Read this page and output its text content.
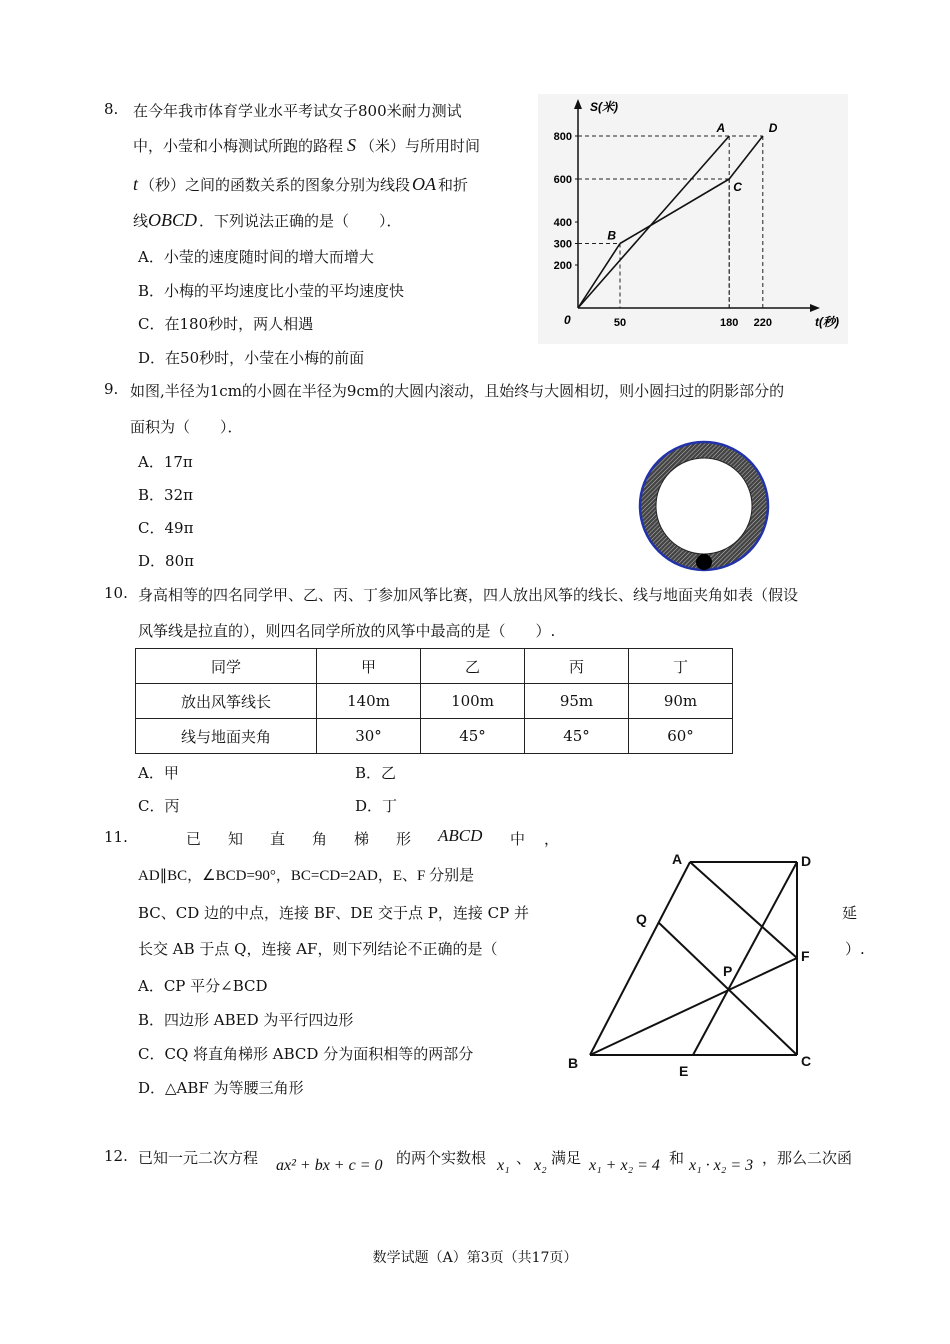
8. 在今年我市体育学业水平考试女子800米耐力测试
中，小莹和小梅测试所跑的路程 S （米）与所用时间
t （秒）之间的函数关系的图象分别为线段 OA 和折
线OBCD ．下列说法正确的是（　　）．
A．小莹的速度随时间的增大而增大
B．小梅的平均速度比小莹的平均速度快
C．在180秒时，两人相遇
D．在50秒时，小莹在小梅的前面
S(米)
t(秒)
0
200
300
400
600
800
50	180 220
A
B
C
D
9. 如图,半径为1cm的小圆在半径为9cm的大圆内滚动，且始终与大圆相切，则小圆扫过的阴影部分的
面积为（　　）．
A．17π
B．32π
C．49π
D．80π
10. 身高相等的四名同学甲、乙、丙、丁参加风筝比赛，四人放出风筝的线长、线与地面夹角如表（假设
风筝线是拉直的），则四名同学所放的风筝中最高的是（　　）.
同学	甲	乙	丙	丁
放出风筝线长	140m	100m	95m	90m
线与地面夹角	30°	45°	45°	60°
A．甲	B．乙
C．丙	D．丁
11.	已 知 直 角 梯 形 ABCD 中 ，
AD∥BC，∠BCD=90°，BC=CD=2AD，E、F 分别是
BC、CD 边的中点，连接 BF、DE 交于点 P，连接 CP 并	延
长交 AB 于点 Q，连接 AF，则下列结论不正确的是（	）.
A．CP 平分∠BCD
B．四边形 ABED 为平行四边形
C．CQ 将直角梯形 ABCD 分为面积相等的两部分
D．△ABF 为等腰三角形
A	D
Q
F
P
B	E
C
12. 已知一元二次方程 ax² + bx + c = 0 的两个实数根 x₁ 、 x₂ 满足 x₁ + x₂ = 4 和 x₁ · x₂ = 3 ，那么二次函
数学试题（A）第3页（共17页）
